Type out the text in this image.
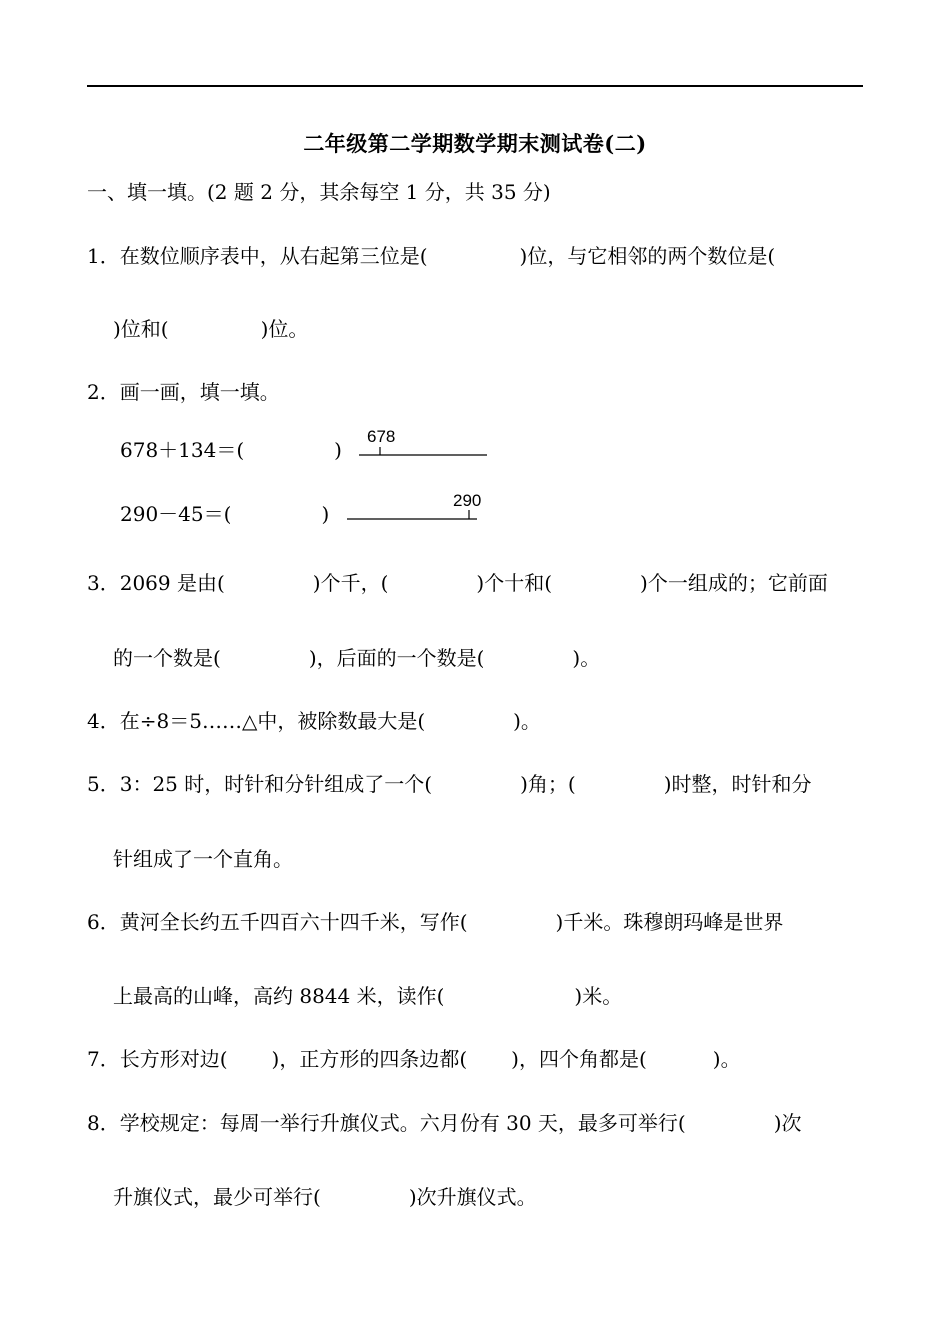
二年级第二学期数学期末测试卷(二)
一、填一填。(2 题 2 分，其余每空 1 分，共 35 分)
1．在数位顺序表中，从右起第三位是(	)位，与它相邻的两个数位是(
)位和(	)位。
2．画一画，填一填。
678＋134＝(	)
678
290－45＝(	)
290
3．2069 是由(	)个千，(	)个十和(	)个一组成的；它前面
的一个数是(	)，后面的一个数是(	)。
4．在÷8＝5……△中，被除数最大是(	)。
5．3：25 时，时针和分针组成了一个(	)角；(	)时整，时针和分
针组成了一个直角。
6．黄河全长约五千四百六十四千米，写作(	)千米。珠穆朗玛峰是世界
上最高的山峰，高约 8844 米，读作(	)米。
7．长方形对边( )，正方形的四条边都( )，四个角都是(	)。
8．学校规定：每周一举行升旗仪式。六月份有 30 天，最多可举行(	)次
升旗仪式，最少可举行(	)次升旗仪式。
